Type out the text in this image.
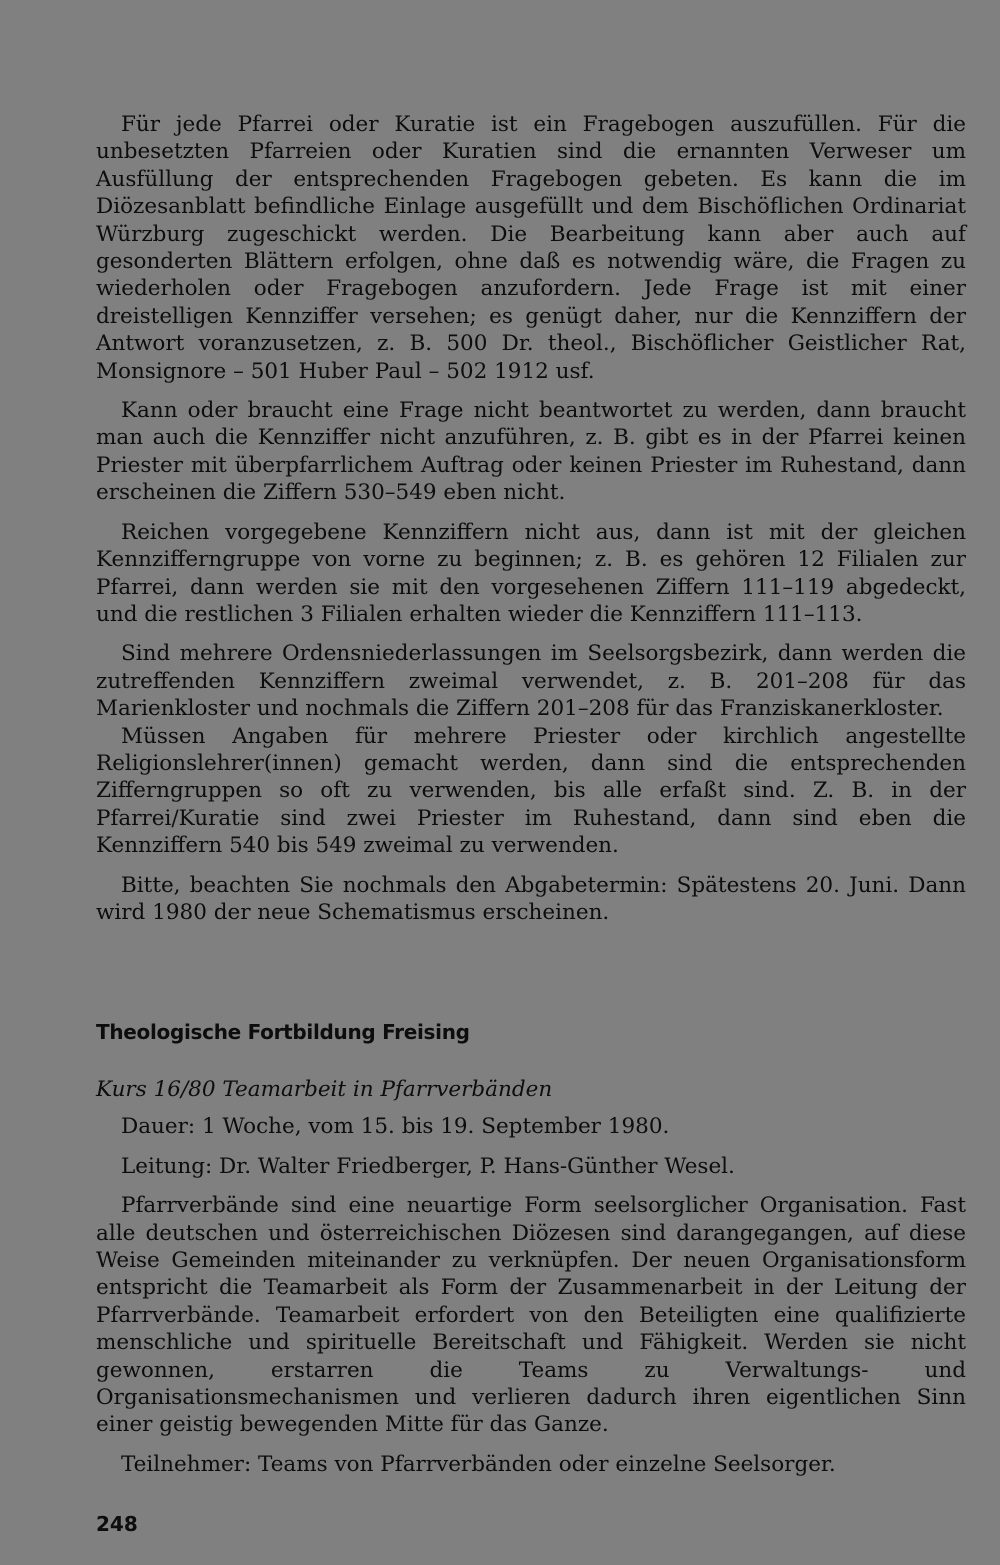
Für jede Pfarrei oder Kuratie ist ein Fragebogen auszufüllen. Für die unbesetzten Pfarreien oder Kuratien sind die ernannten Verweser um Ausfüllung der entsprechenden Fragebogen gebeten. Es kann die im Diözesanblatt befindliche Einlage ausgefüllt und dem Bischöflichen Ordinariat Würzburg zugeschickt werden. Die Bearbeitung kann aber auch auf gesonderten Blättern erfolgen, ohne daß es notwendig wäre, die Fragen zu wiederholen oder Fragebogen anzufordern. Jede Frage ist mit einer dreistelligen Kennziffer versehen; es genügt daher, nur die Kennziffern der Antwort voranzusetzen, z. B. 500 Dr. theol., Bischöflicher Geistlicher Rat, Monsignore – 501 Huber Paul – 502 1912 usf.

Kann oder braucht eine Frage nicht beantwortet zu werden, dann braucht man auch die Kennziffer nicht anzuführen, z. B. gibt es in der Pfarrei keinen Priester mit überpfarrlichem Auftrag oder keinen Priester im Ruhestand, dann erscheinen die Ziffern 530–549 eben nicht.

Reichen vorgegebene Kennziffern nicht aus, dann ist mit der gleichen Kennzifferngruppe von vorne zu beginnen; z. B. es gehören 12 Filialen zur Pfarrei, dann werden sie mit den vorgesehenen Ziffern 111–119 abgedeckt, und die restlichen 3 Filialen erhalten wieder die Kennziffern 111–113.

Sind mehrere Ordensniederlassungen im Seelsorgsbezirk, dann werden die zutreffenden Kennziffern zweimal verwendet, z. B. 201–208 für das Marienkloster und nochmals die Ziffern 201–208 für das Franziskanerkloster.

Müssen Angaben für mehrere Priester oder kirchlich angestellte Religionslehrer(innen) gemacht werden, dann sind die entsprechenden Zifferngruppen so oft zu verwenden, bis alle erfaßt sind. Z. B. in der Pfarrei/Kuratie sind zwei Priester im Ruhestand, dann sind eben die Kennziffern 540 bis 549 zweimal zu verwenden.

Bitte, beachten Sie nochmals den Abgabetermin: Spätestens 20. Juni. Dann wird 1980 der neue Schematismus erscheinen.

Theologische Fortbildung Freising

Kurs 16/80 Teamarbeit in Pfarrverbänden

Dauer: 1 Woche, vom 15. bis 19. September 1980.

Leitung: Dr. Walter Friedberger, P. Hans-Günther Wesel.

Pfarrverbände sind eine neuartige Form seelsorglicher Organisation. Fast alle deutschen und österreichischen Diözesen sind darangegangen, auf diese Weise Gemeinden miteinander zu verknüpfen. Der neuen Organisationsform entspricht die Teamarbeit als Form der Zusammenarbeit in der Leitung der Pfarrverbände. Teamarbeit erfordert von den Beteiligten eine qualifizierte menschliche und spirituelle Bereitschaft und Fähigkeit. Werden sie nicht gewonnen, erstarren die Teams zu Verwaltungs- und Organisationsmechanismen und verlieren dadurch ihren eigentlichen Sinn einer geistig bewegenden Mitte für das Ganze.

Teilnehmer: Teams von Pfarrverbänden oder einzelne Seelsorger.

248
